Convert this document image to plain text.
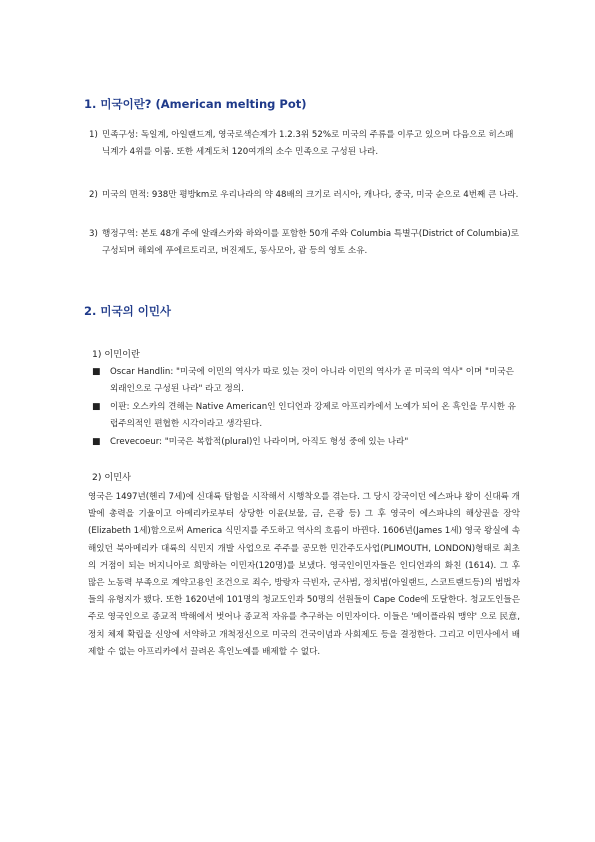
1. 미국이란? (American melting Pot)
1) 민족구성: 독일계, 아일랜드계, 영국로색슨계가 1.2.3위 52%로 미국의 주류를 이루고 있으며 다음으로 히스패닉계가 4위를 이룸. 또한 세계도처 120여개의 소수 민족으로 구성된 나라.
2) 미국의 면적: 938만 평방km로 우리나라의 약 48배의 크기로 러시아, 캐나다, 중국, 미국 순으로 4번째 큰 나라.
3) 행정구역: 본토 48개 주에 알래스카와 하와이를 포함한 50개 주와 Columbia 특별구(District of Columbia)로 구성되며 해외에 푸에르토리코, 버진제도, 동사모아, 괌 등의 영토 소유.
2. 미국의 이민사
1) 이민이란
■ Oscar Handlin: "미국에 이민의 역사가 따로 있는 것이 아니라 이민의 역사가 곧 미국의 역사" 이며 "미국은 외래인으로 구성된 나라" 라고 정의.
■ 이판: 오스카의 견해는 Native American인 인디언과 강제로 아프리카에서 노예가 되어 온 흑인을 무시한 유럽주의적인 편협한 시각이라고 생각된다.
■ Crevecoeur: "미국은 복합적(plural)인 나라이며, 아직도 형성 중에 있는 나라"
2) 이민사
영국은 1497년(헨리 7세)에 신대륙 탐험을 시작해서 시행착오를 겪는다. 그 당시 강국이던 에스파냐 왕이 신대륙 개발에 총력을 기울이고 아메리카로부터 상당한 이윤(보물, 금, 은광 등) 그 후 영국이 에스파냐의 해상권을 장악(Elizabeth 1세)함으로써 America 식민지를 주도하고 역사의 흐름이 바뀐다. 1606년(James 1세) 영국 왕실에 속해있던 북아메리카 대륙의 식민지 개발 사업으로 주주를 공모한 민간주도사업(PLIMOUTH, LONDON)형태로 최초의 거점이 되는 버지니아로 희망하는 이민자(120명)를 보냈다. 영국인이민자들은 인디언과의 화친 (1614). 그 후 많은 노동력 부족으로 계약고용인 조건으로 죄수, 방랑자 극빈자, 군사범, 정치범(아일랜드, 스코트랜드등)의 범법자들의 유형지가 됐다. 또한 1620년에 101명의 청교도인과 50명의 선원들이 Cape Code에 도달한다. 청교도인들은 주로 영국인으로 종교적 박해에서 벗어나 종교적 자유를 추구하는 이민자이다. 이들은 '메이플라워 맹약' 으로 民意, 정치 체제 확립을 신앙에 서약하고 개척정신으로 미국의 건국이념과 사회제도 등을 결정한다. 그리고 이민사에서 배제할 수 없는 아프리카에서 끌려온 흑인노예를 배제할 수 없다.
